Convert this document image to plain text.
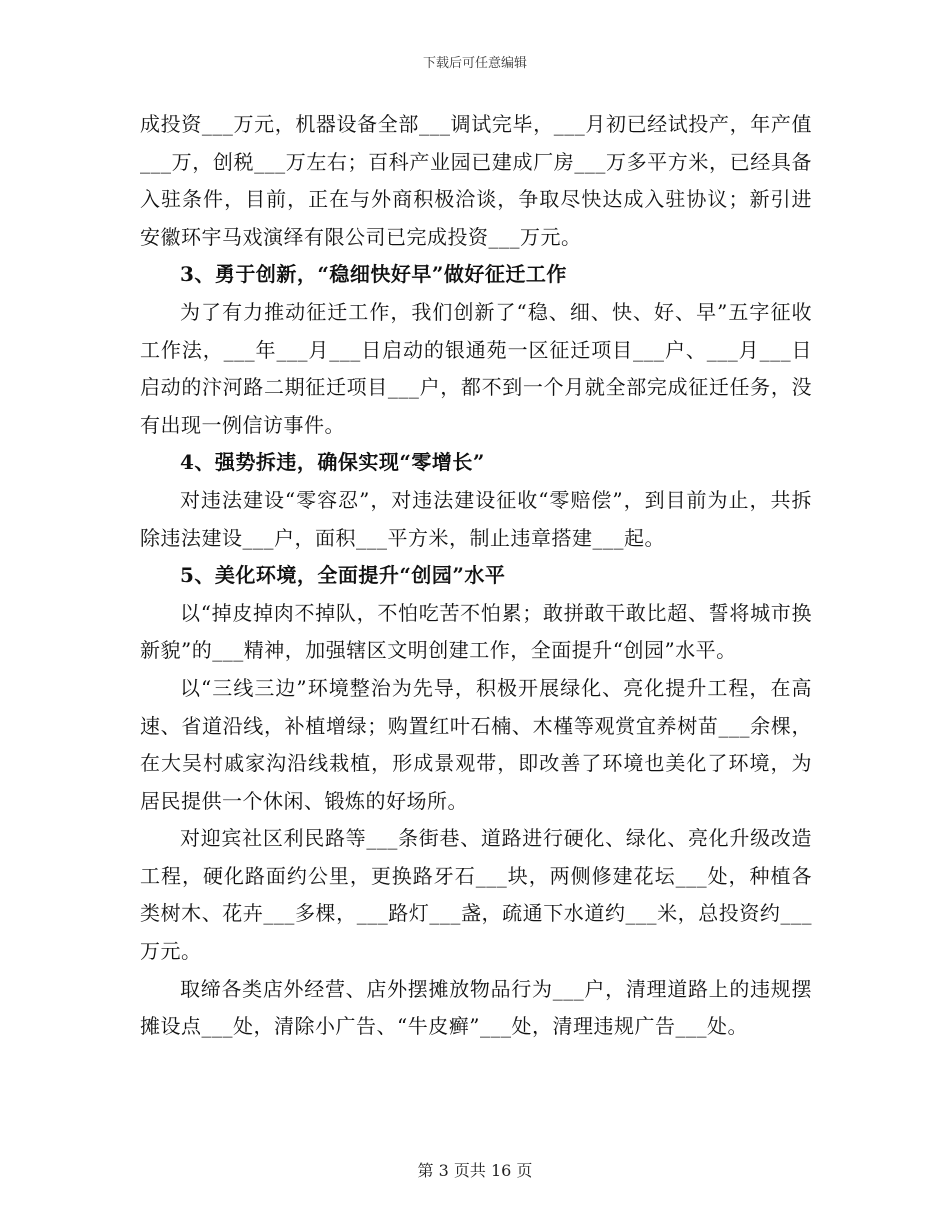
下载后可任意编辑

成投资___万元，机器设备全部___调试完毕，___月初已经试投产，年产值___万，创税___万左右；百科产业园已建成厂房___万多平方米，已经具备入驻条件，目前，正在与外商积极洽谈，争取尽快达成入驻协议；新引进安徽环宇马戏演绎有限公司已完成投资___万元。

3、勇于创新，“稳细快好早”做好征迁工作

为了有力推动征迁工作，我们创新了“稳、细、快、好、早”五字征收工作法，___年___月___日启动的银通苑一区征迁项目___户、___月___日启动的汴河路二期征迁项目___户，都不到一个月就全部完成征迁任务，没有出现一例信访事件。

4、强势拆违，确保实现“零增长”

对违法建设“零容忍”，对违法建设征收“零赔偿”，到目前为止，共拆除违法建设___户，面积___平方米，制止违章搭建___起。

5、美化环境，全面提升“创园”水平

以“掉皮掉肉不掉队，不怕吃苦不怕累；敢拼敢干敢比超、誓将城市换新貌”的___精神，加强辖区文明创建工作，全面提升“创园”水平。

以“三线三边”环境整治为先导，积极开展绿化、亮化提升工程，在高速、省道沿线，补植增绿；购置红叶石楠、木槿等观赏宜养树苗___余棵，在大吴村戚家沟沿线栽植，形成景观带，即改善了环境也美化了环境，为居民提供一个休闲、锻炼的好场所。

对迎宾社区利民路等___条街巷、道路进行硬化、绿化、亮化升级改造工程，硬化路面约公里，更换路牙石___块，两侧修建花坛___处，种植各类树木、花卉___多棵，___路灯___盏，疏通下水道约___米，总投资约___万元。

取缔各类店外经营、店外摆摊放物品行为___户，清理道路上的违规摆摊设点___处，清除小广告、“牛皮癣”___处，清理违规广告___处。

第 3 页共 16 页
